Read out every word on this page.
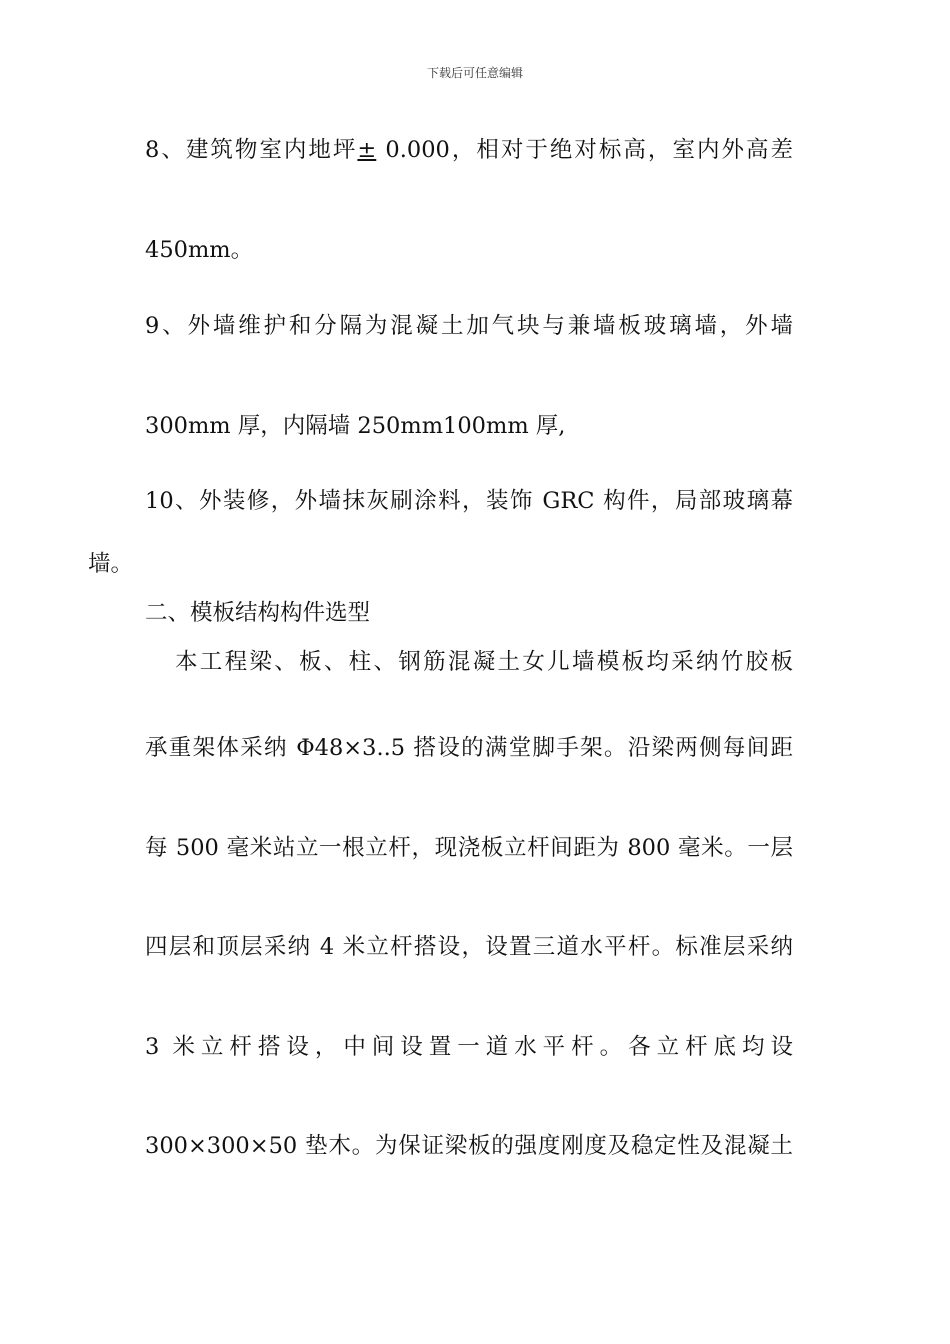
下载后可任意编辑
8、建筑物室内地坪± 0.000，相对于绝对标高，室内外高差
450mm。
9、外墙维护和分隔为混凝土加气块与兼墙板玻璃墙，外墙
300mm 厚，内隔墙 250mm100mm 厚,
10、外装修，外墙抹灰刷涂料，装饰 GRC 构件，局部玻璃幕
墙。
二、模板结构构件选型
本工程梁、板、柱、钢筋混凝土女儿墙模板均采纳竹胶板
承重架体采纳 Φ48×3..5 搭设的满堂脚手架。沿梁两侧每间距
每 500 毫米站立一根立杆，现浇板立杆间距为 800 毫米。一层
四层和顶层采纳 4 米立杆搭设，设置三道水平杆。标准层采纳
3 米立杆搭设，中间设置一道水平杆。各立杆底均设
300×300×50 垫木。为保证梁板的强度刚度及稳定性及混凝土
